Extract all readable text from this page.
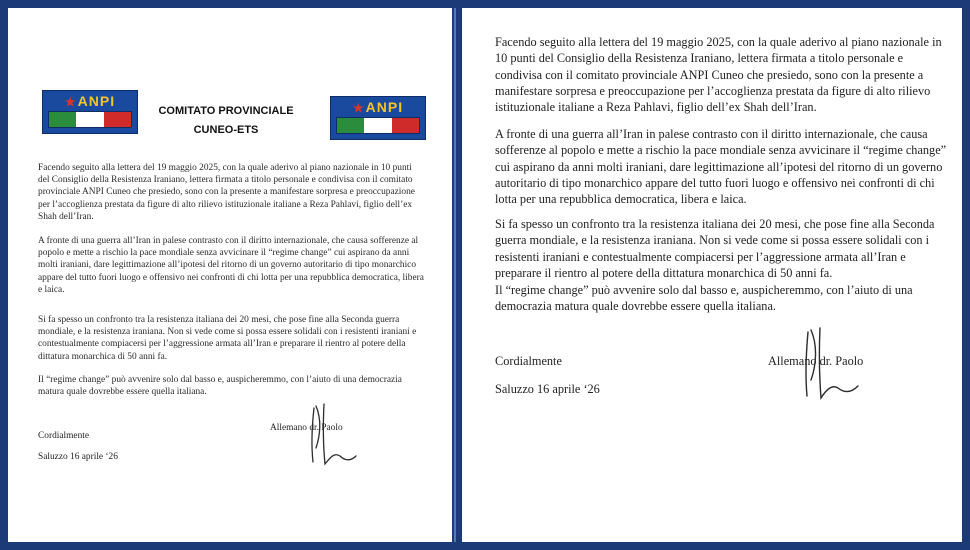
★ANPI
COMITATO PROVINCIALE
CUNEO-ETS
★ANPI
Facendo seguito alla lettera del 19 maggio 2025, con la quale aderivo al piano nazionale in 10 punti del Consiglio della Resistenza Iraniano, lettera firmata a titolo personale e condivisa con il comitato provinciale ANPI Cuneo che presiedo, sono con la presente a manifestare sorpresa e preoccupazione per l’accoglienza prestata da figure di alto rilievo istituzionale italiane a Reza Pahlavi, figlio dell’ex Shah dell’Iran.
A fronte di una guerra all’Iran in palese contrasto con il diritto internazionale, che causa sofferenze al popolo e mette a rischio la pace mondiale senza avvicinare il “regime change” cui aspirano da anni molti iraniani, dare legittimazione all’ipotesi del ritorno di un governo autoritario di tipo monarchico appare del tutto fuori luogo e offensivo nei confronti di chi lotta per una repubblica democratica, libera e laica.
Si fa spesso un confronto tra la resistenza italiana dei 20 mesi, che pose fine alla Seconda guerra mondiale, e la resistenza iraniana. Non si vede come si possa essere solidali con i resistenti iraniani e contestualmente compiacersi per l’aggressione armata all’Iran e preparare il rientro al potere della dittatura monarchica di 50 anni fa.
Il “regime change” può avvenire solo dal basso e, auspicheremmo, con l’aiuto di una democrazia matura quale dovrebbe essere quella italiana.
Cordialmente
Allemano dr. Paolo
Saluzzo 16 aprile ‘26
Facendo seguito alla lettera del 19 maggio 2025, con la quale aderivo al piano nazionale in 10 punti del Consiglio della Resistenza Iraniano, lettera firmata a titolo personale e condivisa con il comitato provinciale ANPI Cuneo che presiedo, sono con la presente a manifestare sorpresa e preoccupazione per l’accoglienza prestata da figure di alto rilievo istituzionale italiane a Reza Pahlavi, figlio dell’ex Shah dell’Iran.
A fronte di una guerra all’Iran in palese contrasto con il diritto internazionale, che causa sofferenze al popolo e mette a rischio la pace mondiale senza avvicinare il “regime change” cui aspirano da anni molti iraniani, dare legittimazione all’ipotesi del ritorno di un governo autoritario di tipo monarchico appare del tutto fuori luogo e offensivo nei confronti di chi lotta per una repubblica democratica, libera e laica.
Si fa spesso un confronto tra la resistenza italiana dei 20 mesi, che pose fine alla Seconda guerra mondiale, e la resistenza iraniana. Non si vede come si possa essere solidali con i resistenti iraniani e contestualmente compiacersi per l’aggressione armata all’Iran e preparare il rientro al potere della dittatura monarchica di 50 anni fa.
Il “regime change” può avvenire solo dal basso e, auspicheremmo, con l’aiuto di una democrazia matura quale dovrebbe essere quella italiana.
Cordialmente	Allemano dr. Paolo
Saluzzo 16 aprile ‘26
